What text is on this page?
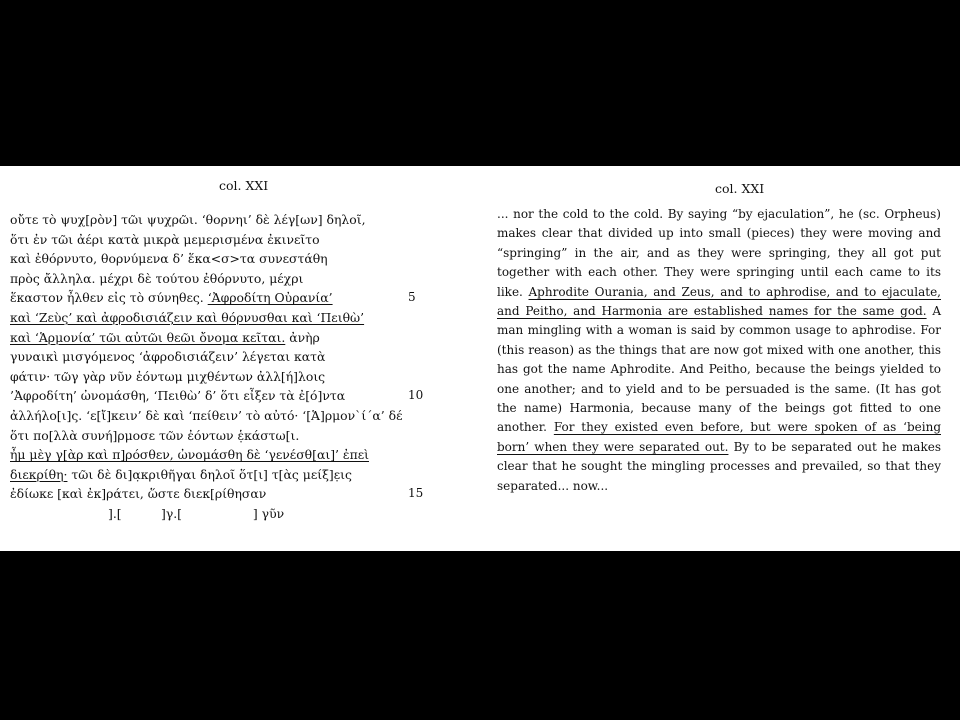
col. XXI	col. XXI
οὔτε τὸ ψυχ[ρὸν] τῶι ψυχρῶι. ‘θορνηι’ δὲ λέγ[ων] δηλοῖ,
ὅτι ἐν τῶι ἀέρι κατὰ μικρὰ μεμερισμένα ἐκινεῖτο
καὶ ἐθόρνυτο, θορνύμενα δ’ ἕκα<σ>τα συνεστάθη
πρὸς ἄλληλα. μέχρι δὲ τούτου ἐθόρνυτο, μέχρι
ἕκαστον ἦλθεν εἰς τὸ σύνηθες. ‘Ἀφροδίτη Οὐρανία’	5
καὶ ‘Ζεὺς’ καὶ ἀφροδισιάζειν καὶ θόρνυσθαι καὶ ‘Πειθὼ’
καὶ ‘Ἁρμονία’ τῶι αὐτῶι θεῶι ὄνομα κεῖται. ἀνὴρ
γυναικὶ μισγόμενος ‘ἀφροδισιάζειν’ λέγεται κατὰ
φάτιν· τῶγ γὰρ νῦν ἐόντωμ μιχθέντων ἀλλ[ή]λοις
’Ἀφροδίτη’ ὠνομάσθη, ‘Πειθὼ’ δ’ ὅτι εἶξεν τὰ ἐ[ό]ντα	10
ἀλλήλο[ι]ς. ‘ε[ἴ]κειν’ δὲ καὶ ‘πείθειν’ τὸ αὐτό· ‘[Ἁ]ρμον`ί´α’ δέ
ὅτι πο[λλὰ συνή]ρμοσε τῶν ἐόντων ἑ̣κάστω[ι.
ἦμ μὲγ γ[ὰρ καὶ π]ρόσθεν, ὠνομάσθη δὲ ‘γενέσθ[αι]’ ἐπεὶ
διεκρίθη· τῶι δὲ δι]α̣κριθῆγαι δηλοῖ ὅτ[ι] τ[ὰς μείξ]ε̣ις
ἐδίωκε [καὶ ἐκ]ράτει, ὥστε διεκ[ρίθησαν	15
].[          ]γ.[                  ] γῦν
... nor the cold to the cold. By saying “by ejaculation”, he (sc. Orpheus) makes clear that divided up into small (pieces) they were moving and “springing” in the air, and as they were springing, they all got put together with each other. They were springing until each came to its like. Aphrodite Ourania, and Zeus, and to aphrodise, and to ejaculate, and Peitho, and Harmonia are established names for the same god. A man mingling with a woman is said by common usage to aphrodise. For (this reason) as the things that are now got mixed with one another, this has got the name Aphrodite. And Peitho, because the beings yielded to one another; and to yield and to be persuaded is the same. (It has got the name) Harmonia, because many of the beings got fitted to one another. For they existed even before, but were spoken of as ‘being born’ when they were separated out. By to be separated out he makes clear that he sought the mingling processes and prevailed, so that they separated... now...
